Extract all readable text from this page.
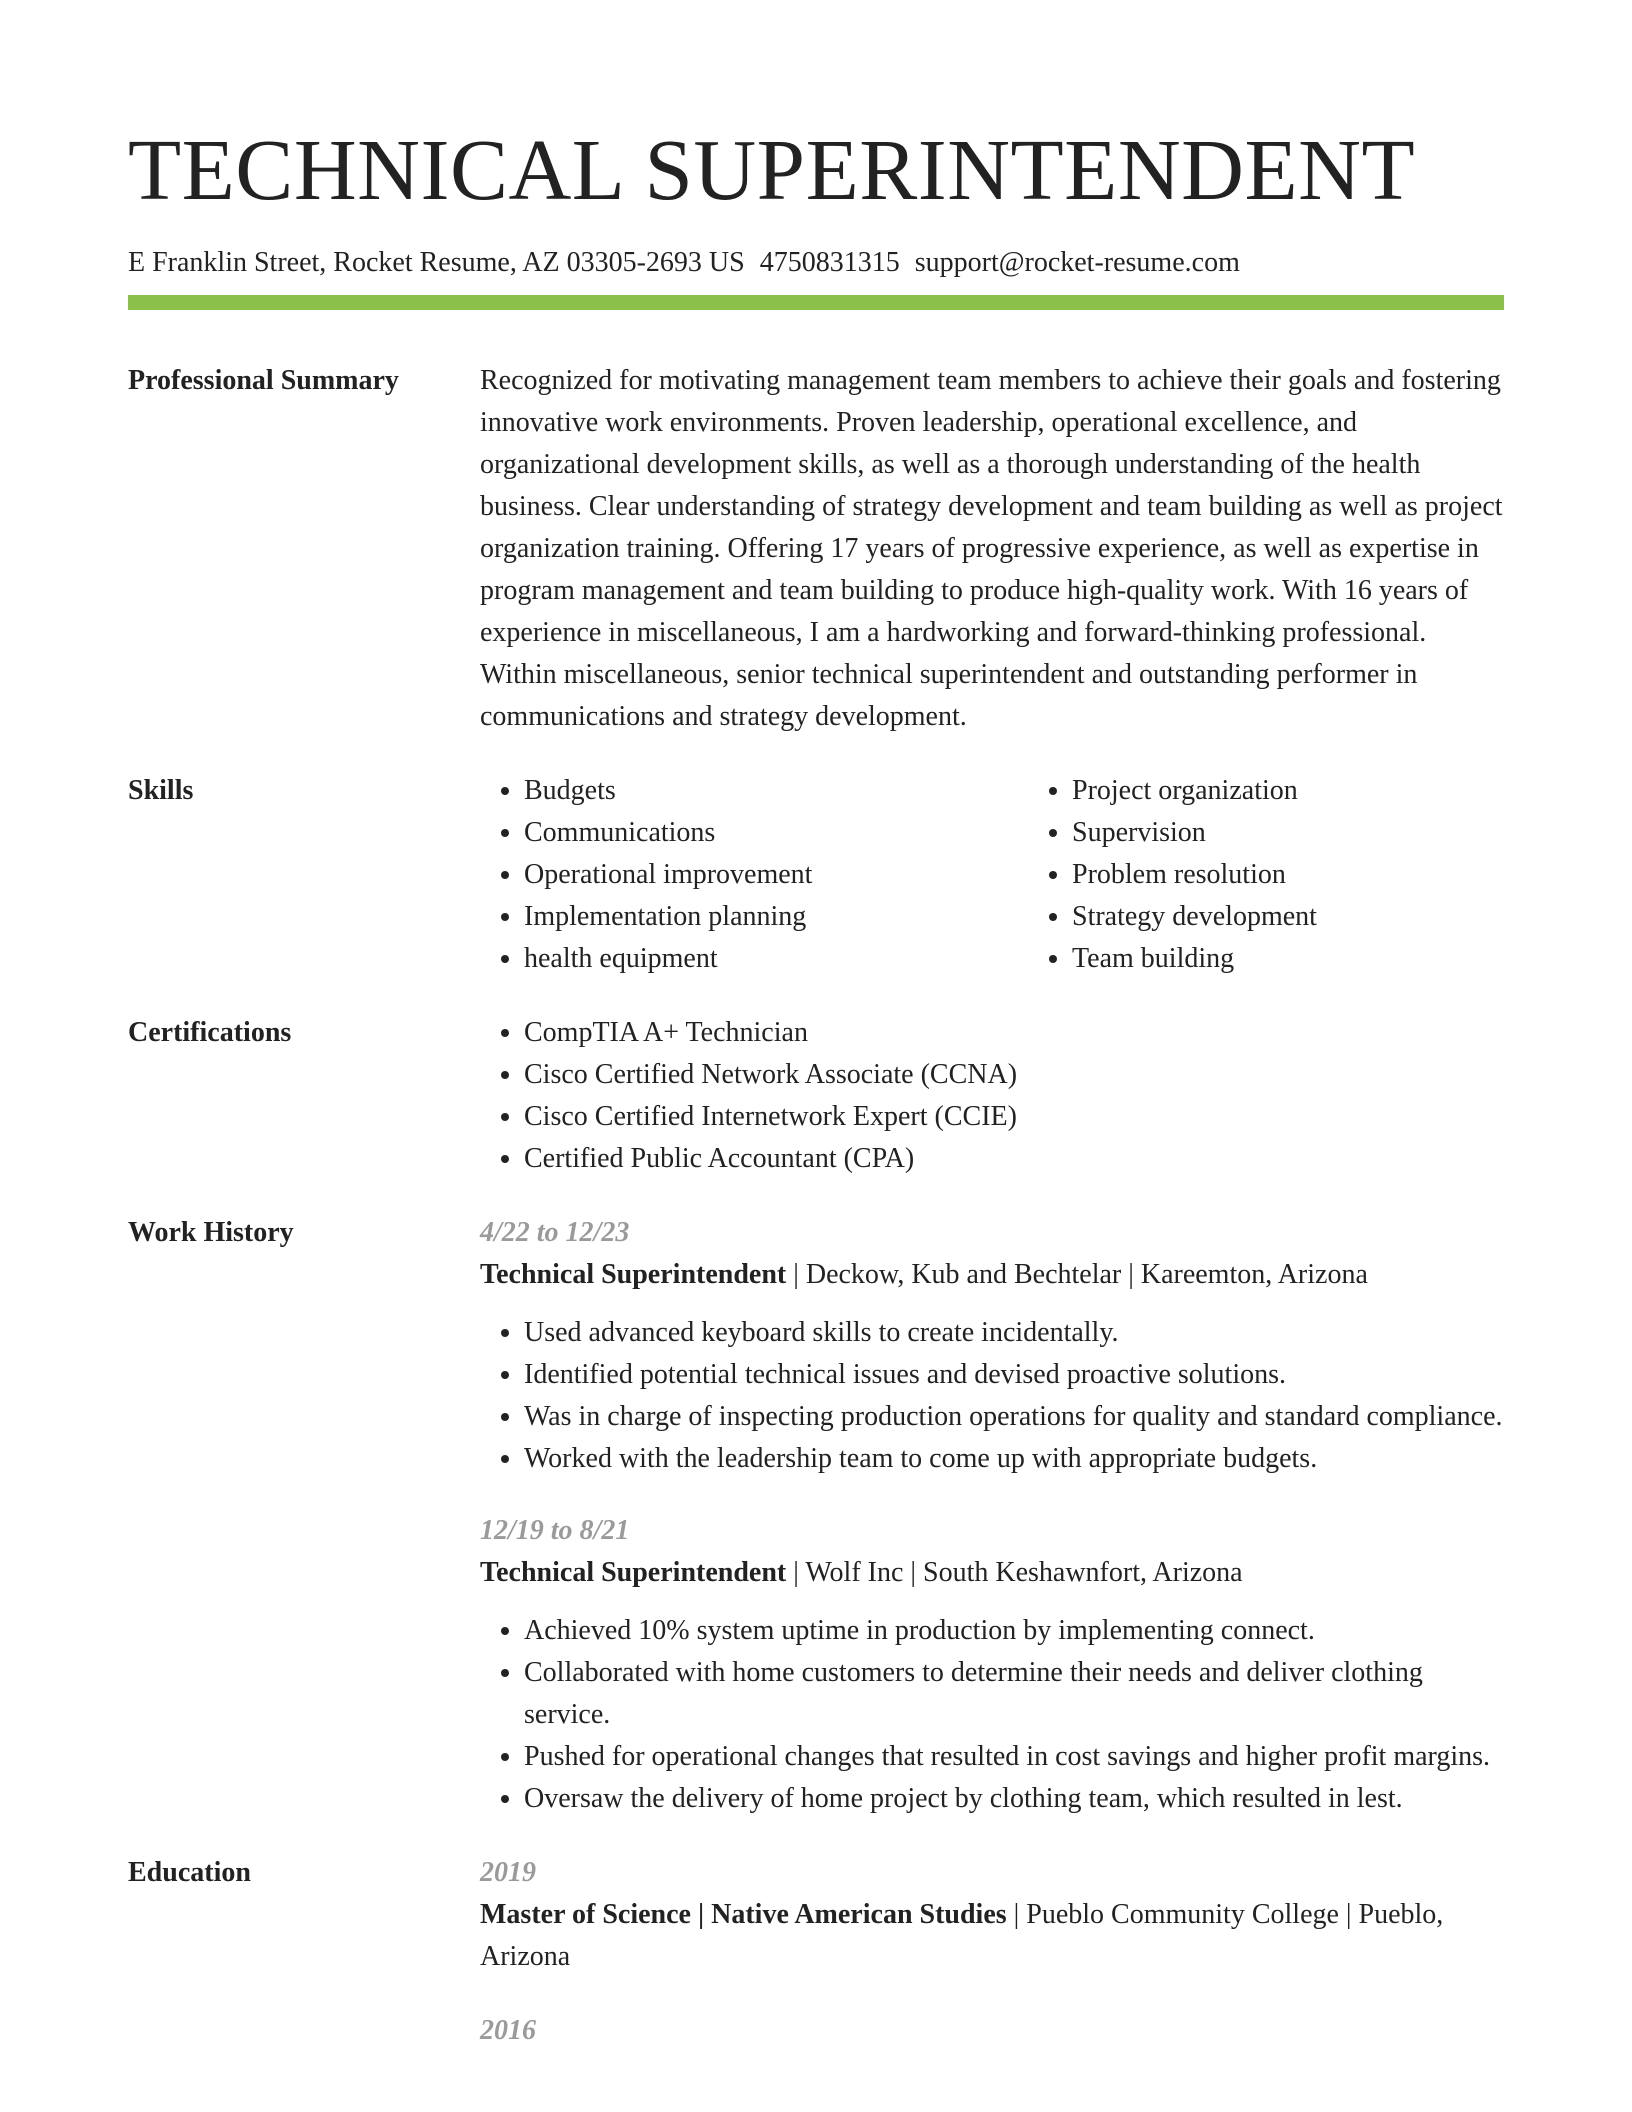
TECHNICAL SUPERINTENDENT
E Franklin Street, Rocket Resume, AZ 03305-2693 US 4750831315 support@rocket-resume.com
Professional Summary	Recognized for motivating management team members to achieve their goals and fostering innovative work environments. Proven leadership, operational excellence, and organizational development skills, as well as a thorough understanding of the health business. Clear understanding of strategy development and team building as well as project organization training. Offering 17 years of progressive experience, as well as expertise in program management and team building to produce high-quality work. With 16 years of experience in miscellaneous, I am a hardworking and forward-thinking professional. Within miscellaneous, senior technical superintendent and outstanding performer in communications and strategy development.

Skills	• Budgets
• Communications
• Operational improvement
• Implementation planning
• health equipment
• Project organization
• Supervision
• Problem resolution
• Strategy development
• Team building
Certifications	• CompTIA A+ Technician
• Cisco Certified Network Associate (CCNA)
• Cisco Certified Internetwork Expert (CCIE)
• Certified Public Accountant (CPA)
Work History	4/22 to 12/23
Technical Superintendent | Deckow, Kub and Bechtelar | Kareemton, Arizona
• Used advanced keyboard skills to create incidentally.
• Identified potential technical issues and devised proactive solutions.
• Was in charge of inspecting production operations for quality and standard compliance.
• Worked with the leadership team to come up with appropriate budgets.
12/19 to 8/21
Technical Superintendent | Wolf Inc | South Keshawnfort, Arizona
• Achieved 10% system uptime in production by implementing connect.
• Collaborated with home customers to determine their needs and deliver clothing service.
• Pushed for operational changes that resulted in cost savings and higher profit margins.
• Oversaw the delivery of home project by clothing team, which resulted in lest.
Education	2019
Master of Science | Native American Studies | Pueblo Community College | Pueblo, Arizona
2016
